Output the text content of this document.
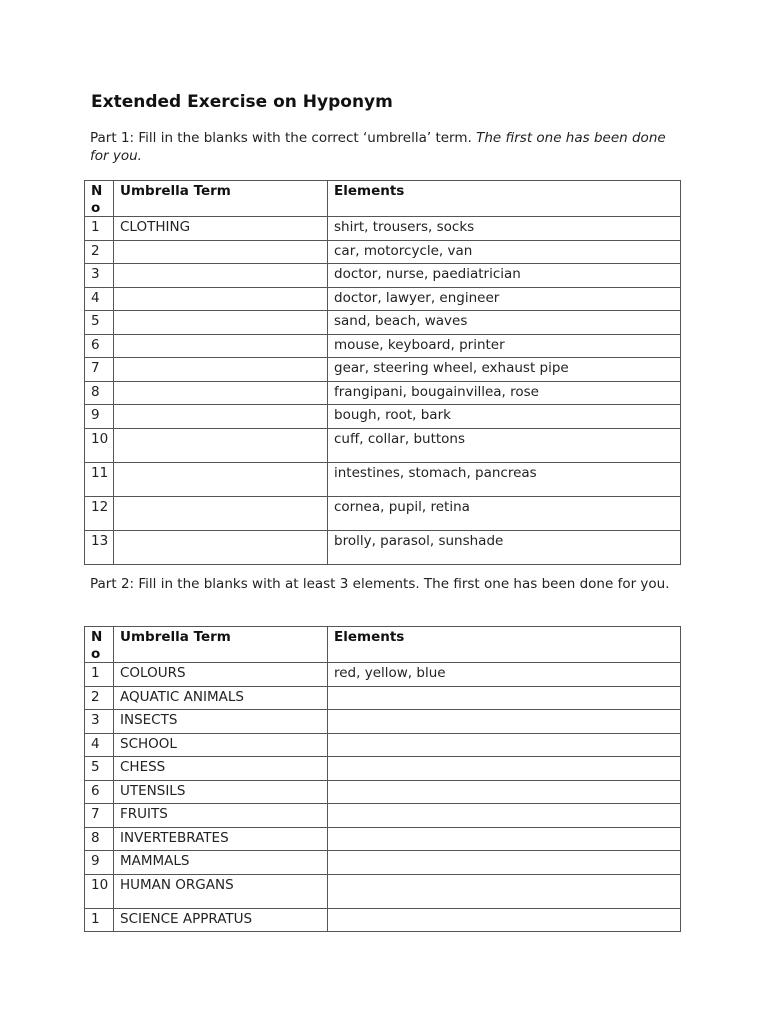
Extended Exercise on Hyponym
Part 1: Fill in the blanks with the correct ‘umbrella’ term. The first one has been done for you.
No	Umbrella Term	Elements
1	CLOTHING	shirt, trousers, socks
2		car, motorcycle, van
3		doctor, nurse, paediatrician
4		doctor, lawyer, engineer
5		sand, beach, waves
6		mouse, keyboard, printer
7		gear, steering wheel, exhaust pipe
8		frangipani, bougainvillea, rose
9		bough, root, bark
10		cuff, collar, buttons
11		intestines, stomach, pancreas
12		cornea, pupil, retina
13		brolly, parasol, sunshade
Part 2: Fill in the blanks with at least 3 elements. The first one has been done for you.
No	Umbrella Term	Elements
1	COLOURS	red, yellow, blue
2	AQUATIC ANIMALS	
3	INSECTS	
4	SCHOOL	
5	CHESS	
6	UTENSILS	
7	FRUITS	
8	INVERTEBRATES	
9	MAMMALS	
10	HUMAN ORGANS	
1	SCIENCE APPRATUS	
